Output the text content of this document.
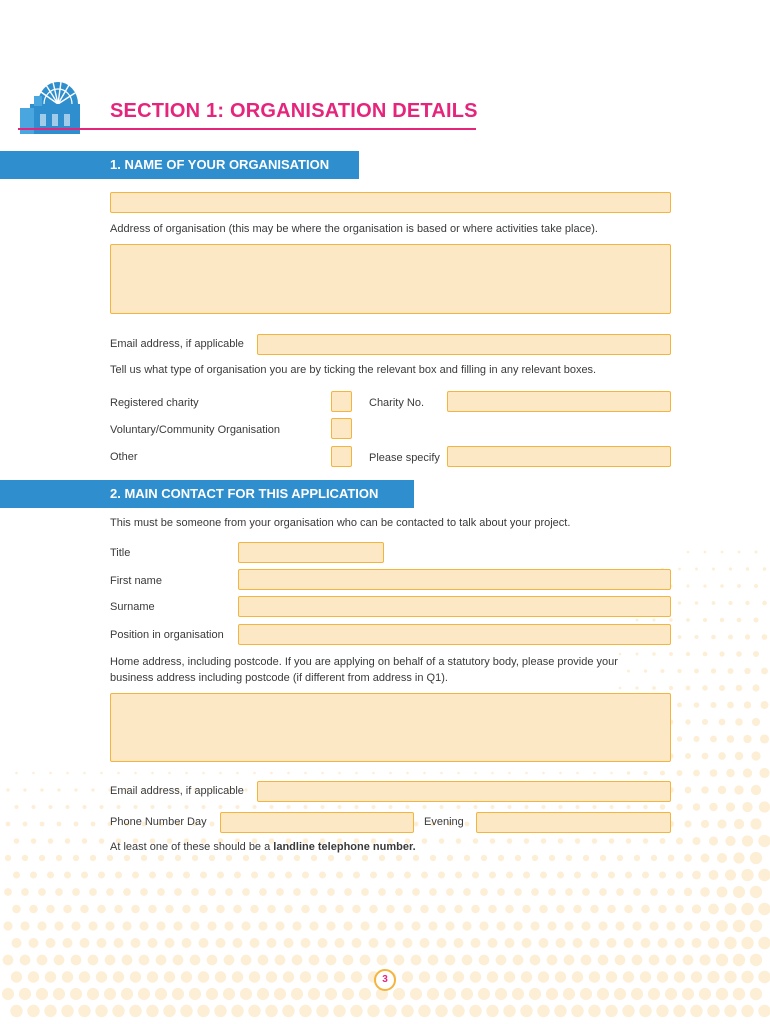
SECTION 1: ORGANISATION DETAILS
1. NAME OF YOUR ORGANISATION
Address of organisation (this may be where the organisation is based or where activities take place).
Email address, if applicable
Tell us what type of organisation you are by ticking the relevant box and filling in any relevant boxes.
Registered charity	Charity No.
Voluntary/Community Organisation
Other	Please specify
2. MAIN CONTACT FOR THIS APPLICATION
This must be someone from your organisation who can be contacted to talk about your project.
Title
First name
Surname
Position in organisation
Home address, including postcode. If you are applying on behalf of a statutory body, please provide your
business address including postcode (if different from address in Q1).
Email address, if applicable
Phone Number Day	Evening
At least one of these should be a landline telephone number.
3
